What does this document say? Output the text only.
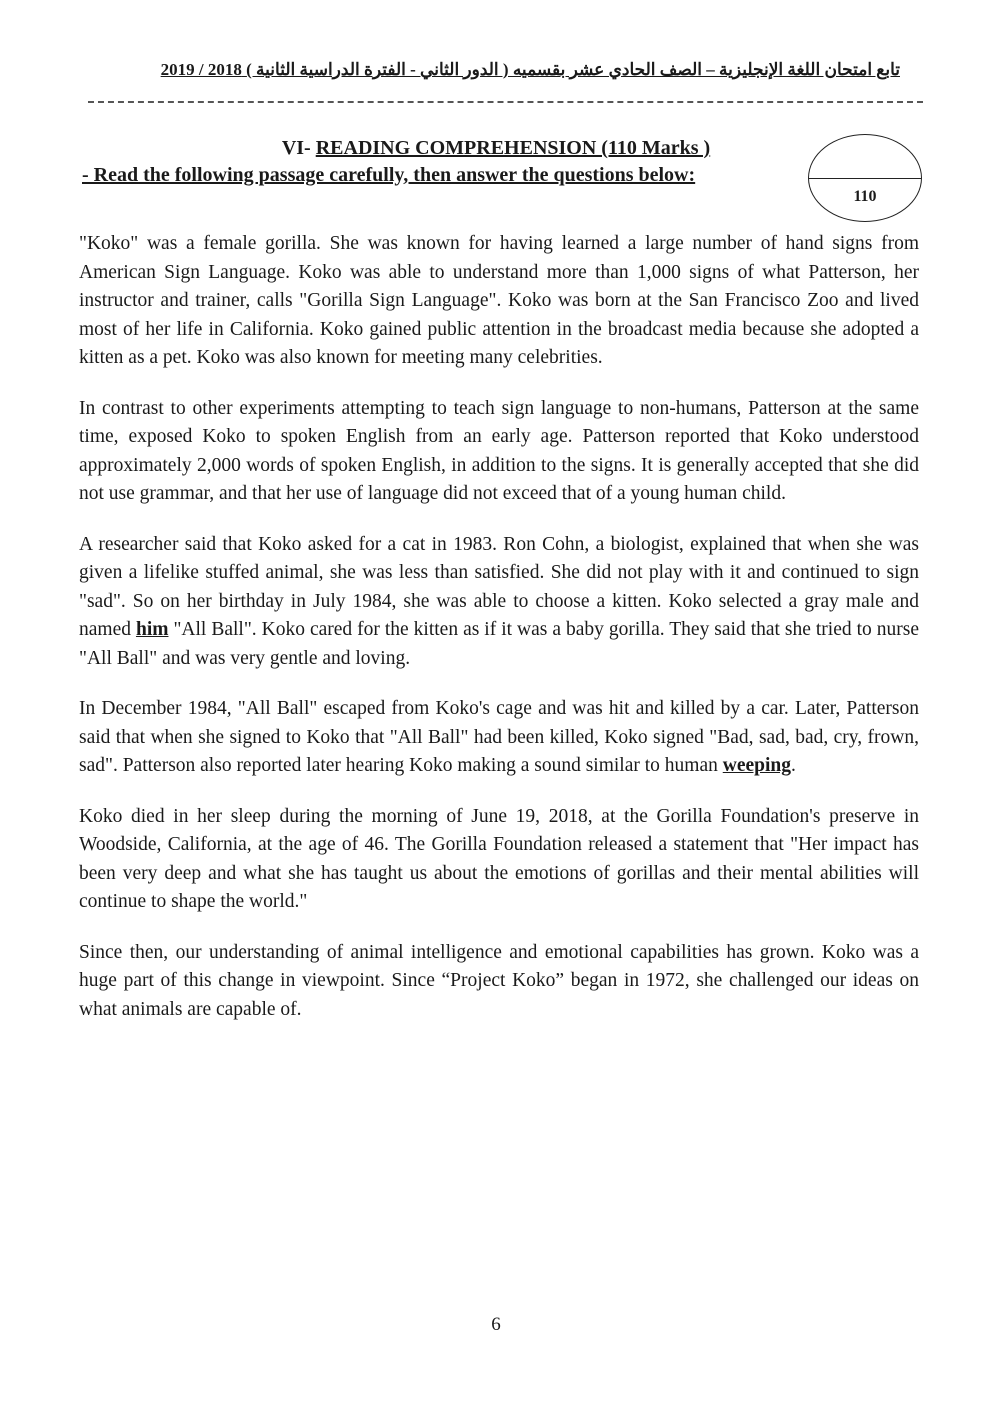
تابع امتحان اللغة الإنجليزية – الصف الحادي عشر بقسميه ( الدور الثاني - الفترة الدراسية الثانية ) 2019 / 2018
VI- READING COMPREHENSION (110 Marks )
- Read the following passage carefully, then answer the questions below:
110

"Koko" was a female gorilla. She was known for having learned a large number of hand signs from American Sign Language. Koko was able to understand more than 1,000 signs of what Patterson, her instructor and trainer, calls "Gorilla Sign Language". Koko was born at the San Francisco Zoo and lived most of her life in California. Koko gained public attention in the broadcast media because she adopted a kitten as a pet. Koko was also known for meeting many celebrities.

In contrast to other experiments attempting to teach sign language to non-humans, Patterson at the same time, exposed Koko to spoken English from an early age. Patterson reported that Koko understood approximately 2,000 words of spoken English, in addition to the signs. It is generally accepted that she did not use grammar, and that her use of language did not exceed that of a young human child.

A researcher said that Koko asked for a cat in 1983. Ron Cohn, a biologist, explained that when she was given a lifelike stuffed animal, she was less than satisfied. She did not play with it and continued to sign "sad". So on her birthday in July 1984, she was able to choose a kitten. Koko selected a gray male and named him "All Ball". Koko cared for the kitten as if it was a baby gorilla. They said that she tried to nurse "All Ball" and was very gentle and loving.

In December 1984, "All Ball" escaped from Koko's cage and was hit and killed by a car. Later, Patterson said that when she signed to Koko that "All Ball" had been killed, Koko signed "Bad, sad, bad, cry, frown, sad". Patterson also reported later hearing Koko making a sound similar to human weeping.

Koko died in her sleep during the morning of June 19, 2018, at the Gorilla Foundation's preserve in Woodside, California, at the age of 46. The Gorilla Foundation released a statement that "Her impact has been very deep and what she has taught us about the emotions of gorillas and their mental abilities will continue to shape the world."

Since then, our understanding of animal intelligence and emotional capabilities has grown. Koko was a huge part of this change in viewpoint. Since “Project Koko” began in 1972, she challenged our ideas on what animals are capable of.

6
